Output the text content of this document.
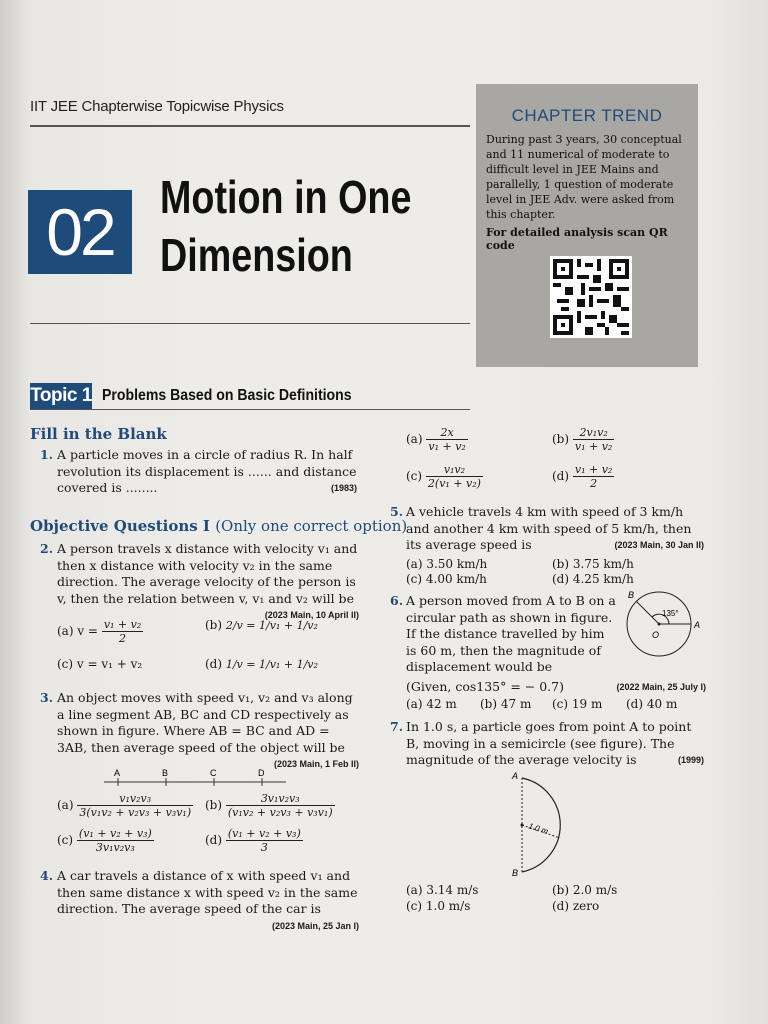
IIT JEE Chapterwise Topicwise Physics
02	Motion in One
Dimension
CHAPTER TREND
During past 3 years, 30 conceptual and 11 numerical of moderate to difficult level in JEE Mains and parallelly, 1 question of moderate level in JEE Adv. were asked from this chapter.
For detailed analysis scan QR code
Topic 1 Problems Based on Basic Definitions
Fill in the Blank
1. A particle moves in a circle of radius R. In half revolution its displacement is ...... and distance covered is ........	(1983)
Objective Questions I (Only one correct option)
2. A person travels x distance with velocity v₁ and then x distance with velocity v₂ in the same direction. The average velocity of the person is v, then the relation between v, v₁ and v₂ will be
(2023 Main, 10 April II)
(a) $v = \frac{\text{v₁ + v₂}}{2}$	(b) 2/v = 1/v₁ + 1/v₂
(c) v = v₁ + v₂	(d) 1/v = 1/v₁ + 1/v₂
3. An object moves with speed v₁, v₂ and v₃ along a line segment AB, BC and CD respectively as shown in figure. Where AB = BC and AD = 3AB, then average speed of the object will be
(2023 Main, 1 Feb II)
A	B	C	D
$(a) \frac{\text{v₁v₂v₃}}{\text{3(v₁v₂ + v₂v₃ + v₃v₁)}} (b) \frac{\text{3v₁v₂v₃}}{\text{(v₁v₂ + v₂v₃ + v₃v₁)}}$
$(c) \frac{\text{(v₁ + v₂ + v₃)}}{\text{3v₁v₂v₃}}$	$(d) \frac{\text{(v₁ + v₂ + v₃)}}{3}$
4. A car travels a distance of x with speed v₁ and then same distance x with speed v₂ in the same direction. The average speed of the car is
(2023 Main, 25 Jan I)
$(a) \frac{2x}{\text{v₁ + v₂}}$	$(b) \frac{\text{2v₁v₂}}{\text{v₁ + v₂}}$
$(c) \frac{\text{v₁v₂}}{\text{2(v₁ + v₂)}}$	$(d) \frac{\text{v₁ + v₂}}{2}$
5. A vehicle travels 4 km with speed of 3 km/h and another 4 km with speed of 5 km/h, then its average speed is	(2023 Main, 30 Jan II)
(a) 3.50 km/h	(b) 3.75 km/h
(c) 4.00 km/h	(d) 4.25 km/h
6. A person moved from A to B on a circular path as shown in figure. If the distance travelled by him is 60 m, then the magnitude of displacement would be
B
A
O
135°
(Given, cos135° = − 0.7)	(2022 Main, 25 July I)
(a) 42 m (b) 47 m (c) 19 m (d) 40 m
7. In 1.0 s, a particle goes from point A to point B, moving in a semicircle (see figure). The magnitude of the average velocity is	(1999)
A
B
1.0 m
(a) 3.14 m/s	(b) 2.0 m/s
(c) 1.0 m/s	(d) zero
